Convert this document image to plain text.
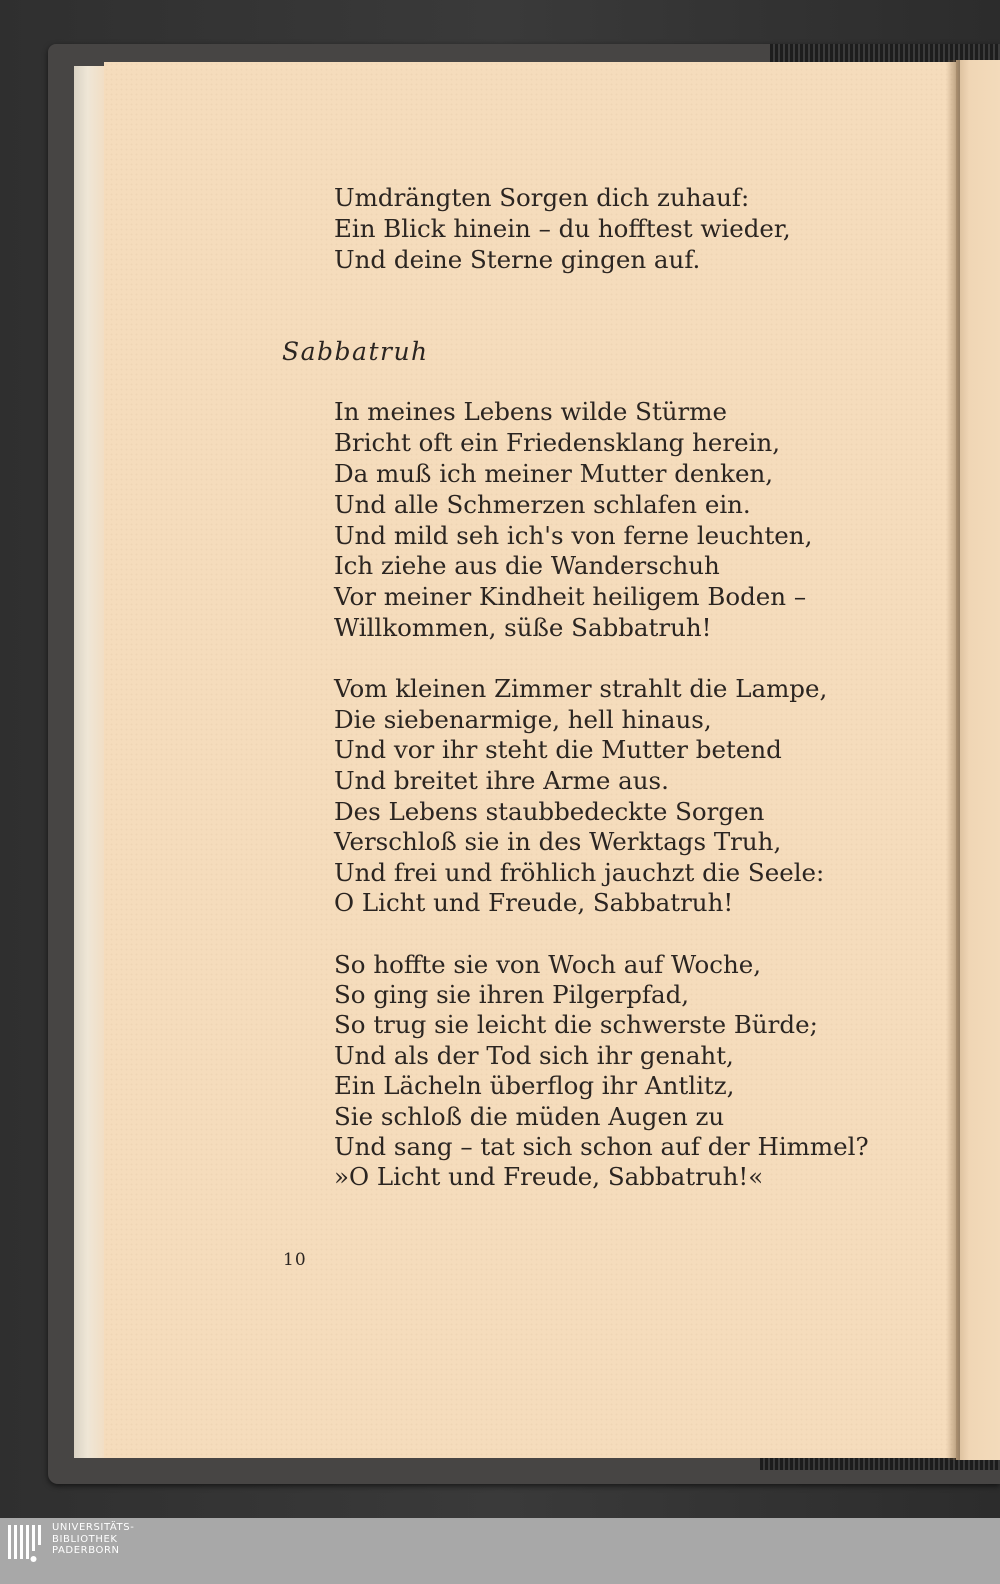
Umdrängten Sorgen dich zuhauf:

Ein Blick hinein – du hofftest wieder,

Und deine Sterne gingen auf.

Sabbatruh

In meines Lebens wilde Stürme

Bricht oft ein Friedensklang herein,

Da muß ich meiner Mutter denken,

Und alle Schmerzen schlafen ein.

Und mild seh ich's von ferne leuchten,

Ich ziehe aus die Wanderschuh

Vor meiner Kindheit heiligem Boden –

Willkommen, süße Sabbatruh!

Vom kleinen Zimmer strahlt die Lampe,

Die siebenarmige, hell hinaus,

Und vor ihr steht die Mutter betend

Und breitet ihre Arme aus.

Des Lebens staubbedeckte Sorgen

Verschloß sie in des Werktags Truh,

Und frei und fröhlich jauchzt die Seele:

O Licht und Freude, Sabbatruh!

So hoffte sie von Woch auf Woche,

So ging sie ihren Pilgerpfad,

So trug sie leicht die schwerste Bürde;

Und als der Tod sich ihr genaht,

Ein Lächeln überflog ihr Antlitz,

Sie schloß die müden Augen zu

Und sang – tat sich schon auf der Himmel?

»O Licht und Freude, Sabbatruh!«

10
UNIVERSITÄTS-
BIBLIOTHEK
PADERBORN
